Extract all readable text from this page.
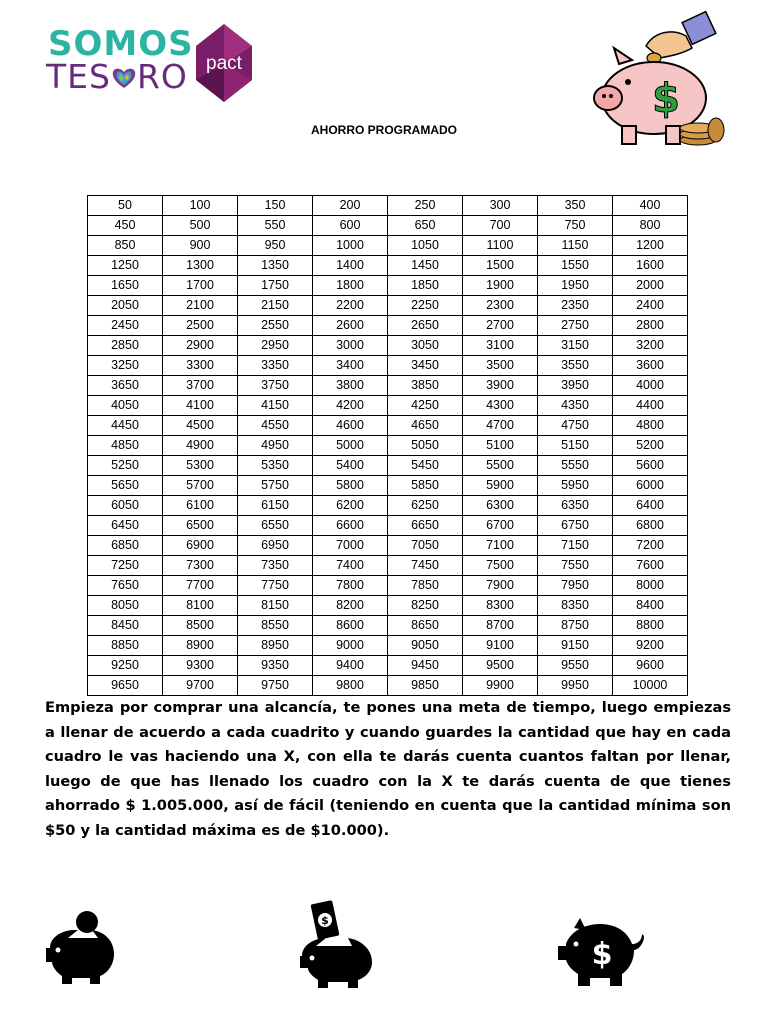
SOMOS
TES RO pact
$
AHORRO PROGRAMADO
50	100	150	200	250	300	350	400
450	500	550	600	650	700	750	800
850	900	950	1000	1050	1100	1150	1200
1250	1300	1350	1400	1450	1500	1550	1600
1650	1700	1750	1800	1850	1900	1950	2000
2050	2100	2150	2200	2250	2300	2350	2400
2450	2500	2550	2600	2650	2700	2750	2800
2850	2900	2950	3000	3050	3100	3150	3200
3250	3300	3350	3400	3450	3500	3550	3600
3650	3700	3750	3800	3850	3900	3950	4000
4050	4100	4150	4200	4250	4300	4350	4400
4450	4500	4550	4600	4650	4700	4750	4800
4850	4900	4950	5000	5050	5100	5150	5200
5250	5300	5350	5400	5450	5500	5550	5600
5650	5700	5750	5800	5850	5900	5950	6000
6050	6100	6150	6200	6250	6300	6350	6400
6450	6500	6550	6600	6650	6700	6750	6800
6850	6900	6950	7000	7050	7100	7150	7200
7250	7300	7350	7400	7450	7500	7550	7600
7650	7700	7750	7800	7850	7900	7950	8000
8050	8100	8150	8200	8250	8300	8350	8400
8450	8500	8550	8600	8650	8700	8750	8800
8850	8900	8950	9000	9050	9100	9150	9200
9250	9300	9350	9400	9450	9500	9550	9600
9650	9700	9750	9800	9850	9900	9950	10000
Empieza por comprar una alcancía, te pones una meta de tiempo, luego empiezas a llenar de acuerdo a cada cuadrito y cuando guardes la cantidad que hay en cada cuadro le vas haciendo una X, con ella te darás cuenta cuantos faltan por llenar, luego de que has llenado los cuadro con la X te darás cuenta de que tienes ahorrado $ 1.005.000, así de fácil (teniendo en cuenta que la cantidad mínima son $50 y la cantidad máxima es de $10.000).
$
$
